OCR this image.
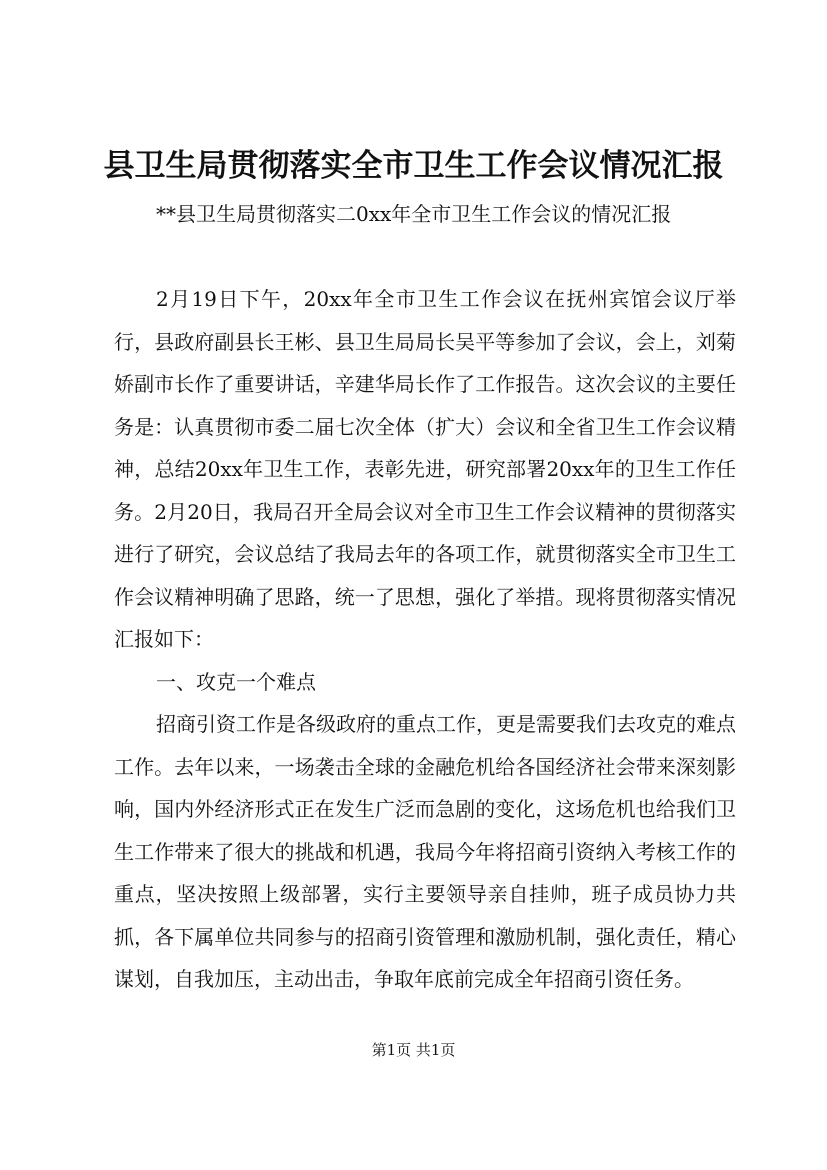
县卫生局贯彻落实全市卫生工作会议情况汇报

**县卫生局贯彻落实二0xx年全市卫生工作会议的情况汇报

2月19日下午，20xx年全市卫生工作会议在抚州宾馆会议厅举行，县政府副县长王彬、县卫生局局长吴平等参加了会议，会上，刘菊娇副市长作了重要讲话，辛建华局长作了工作报告。这次会议的主要任务是：认真贯彻市委二届七次全体（扩大）会议和全省卫生工作会议精神，总结20xx年卫生工作，表彰先进，研究部署20xx年的卫生工作任务。2月20日，我局召开全局会议对全市卫生工作会议精神的贯彻落实进行了研究，会议总结了我局去年的各项工作，就贯彻落实全市卫生工作会议精神明确了思路，统一了思想，强化了举措。现将贯彻落实情况汇报如下：

一、攻克一个难点

招商引资工作是各级政府的重点工作，更是需要我们去攻克的难点工作。去年以来，一场袭击全球的金融危机给各国经济社会带来深刻影响，国内外经济形式正在发生广泛而急剧的变化，这场危机也给我们卫生工作带来了很大的挑战和机遇，我局今年将招商引资纳入考核工作的重点，坚决按照上级部署，实行主要领导亲自挂帅，班子成员协力共抓，各下属单位共同参与的招商引资管理和激励机制，强化责任，精心谋划，自我加压，主动出击，争取年底前完成全年招商引资任务。

第1页 共1页
